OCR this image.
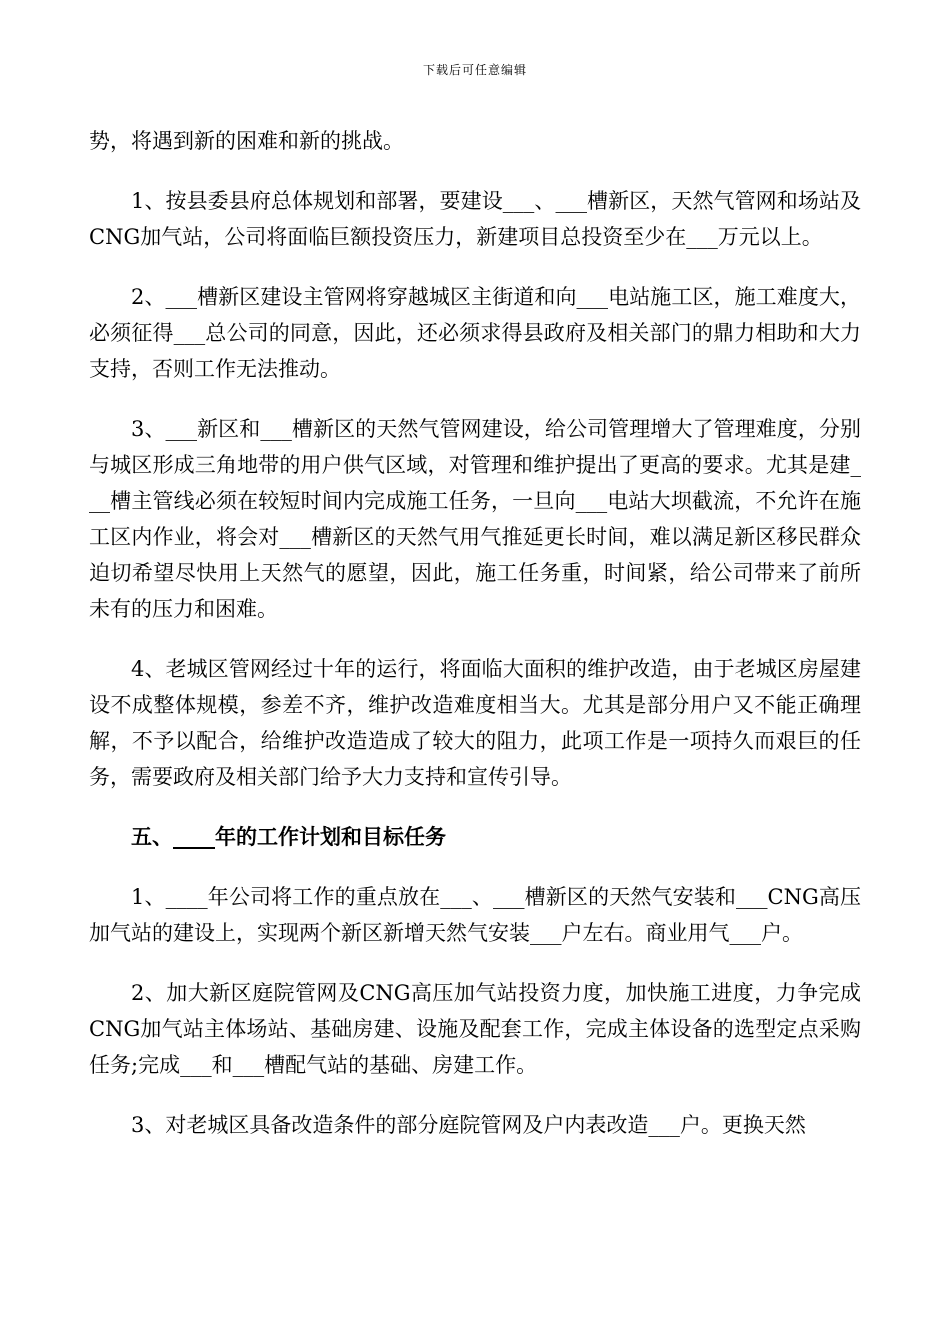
下载后可任意编辑

势，将遇到新的困难和新的挑战。

1、按县委县府总体规划和部署，要建设___、___槽新区，天然气管网和场站及CNG加气站，公司将面临巨额投资压力，新建项目总投资至少在___万元以上。

2、___槽新区建设主管网将穿越城区主街道和向___电站施工区，施工难度大，必须征得___总公司的同意，因此，还必须求得县政府及相关部门的鼎力相助和大力支持，否则工作无法推动。

3、___新区和___槽新区的天然气管网建设，给公司管理增大了管理难度，分别与城区形成三角地带的用户供气区域，对管理和维护提出了更高的要求。尤其是建___槽主管线必须在较短时间内完成施工任务，一旦向___电站大坝截流，不允许在施工区内作业，将会对___槽新区的天然气用气推延更长时间，难以满足新区移民群众迫切希望尽快用上天然气的愿望，因此，施工任务重，时间紧，给公司带来了前所未有的压力和困难。

4、老城区管网经过十年的运行，将面临大面积的维护改造，由于老城区房屋建设不成整体规模，参差不齐，维护改造难度相当大。尤其是部分用户又不能正确理解，不予以配合，给维护改造造成了较大的阻力，此项工作是一项持久而艰巨的任务，需要政府及相关部门给予大力支持和宣传引导。

五、____年的工作计划和目标任务

1、____年公司将工作的重点放在___、___槽新区的天然气安装和___CNG高压加气站的建设上，实现两个新区新增天然气安装___户左右。商业用气___户。

2、加大新区庭院管网及CNG高压加气站投资力度，加快施工进度，力争完成CNG加气站主体场站、基础房建、设施及配套工作，完成主体设备的选型定点采购任务;完成___和___槽配气站的基础、房建工作。

3、对老城区具备改造条件的部分庭院管网及户内表改造___户。更换天然
